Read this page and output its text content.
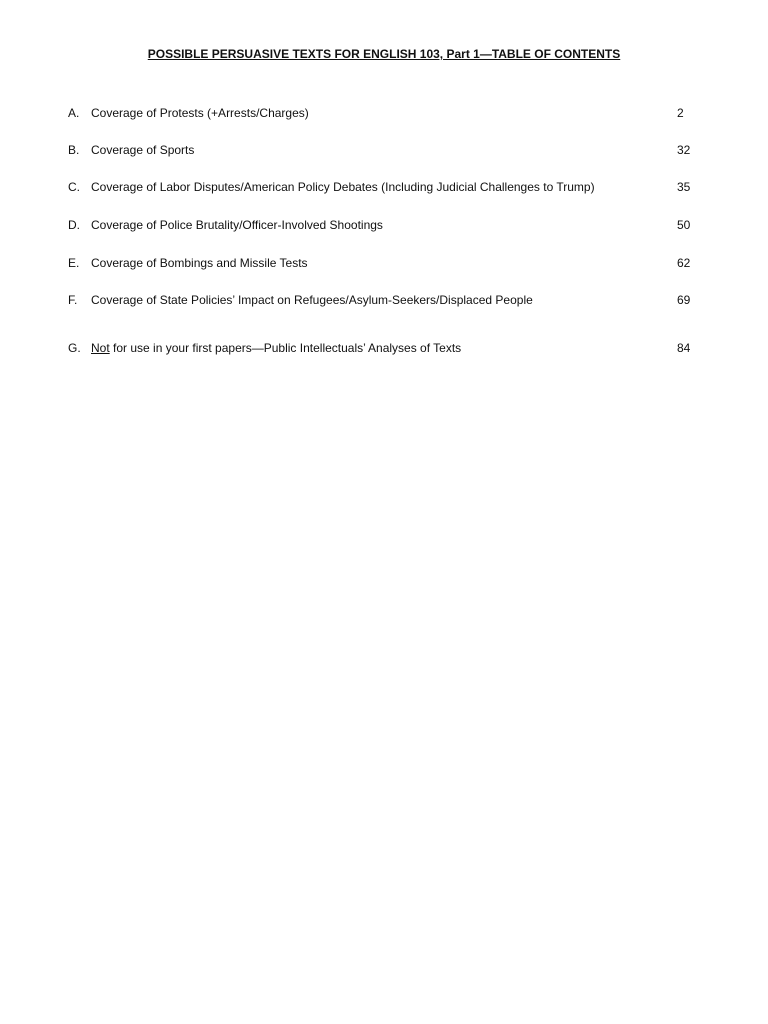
POSSIBLE PERSUASIVE TEXTS FOR ENGLISH 103, Part 1—TABLE OF CONTENTS
A. Coverage of Protests (+Arrests/Charges)	2
B. Coverage of Sports	32
C. Coverage of Labor Disputes/American Policy Debates (Including Judicial Challenges to Trump)	35
D. Coverage of Police Brutality/Officer-Involved Shootings	50
E. Coverage of Bombings and Missile Tests	62
F. Coverage of State Policies’ Impact on Refugees/Asylum-Seekers/Displaced People	69
G. Not for use in your first papers—Public Intellectuals’ Analyses of Texts	84
